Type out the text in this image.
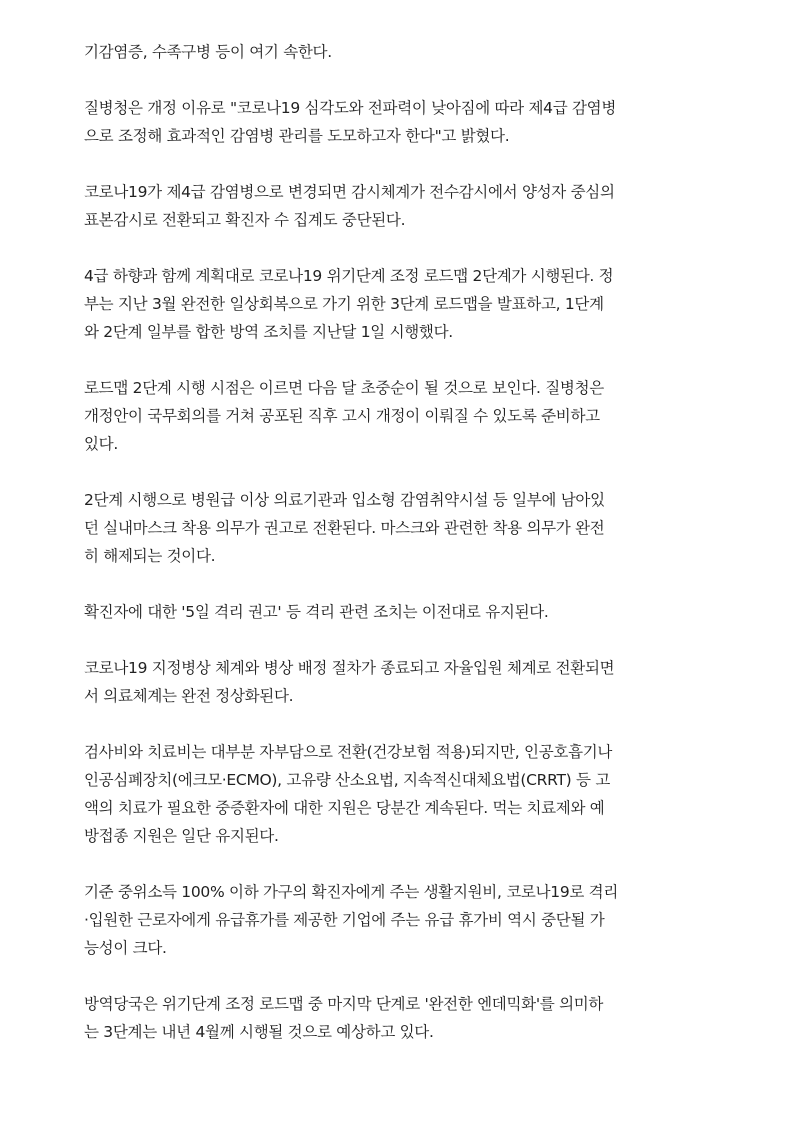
기감염증, 수족구병 등이 여기 속한다.

질병청은 개정 이유로 "코로나19 심각도와 전파력이 낮아짐에 따라 제4급 감염병
으로 조정해 효과적인 감염병 관리를 도모하고자 한다"고 밝혔다.

코로나19가 제4급 감염병으로 변경되면 감시체계가 전수감시에서 양성자 중심의
표본감시로 전환되고 확진자 수 집계도 중단된다.

4급 하향과 함께 계획대로 코로나19 위기단계 조정 로드맵 2단계가 시행된다. 정
부는 지난 3월 완전한 일상회복으로 가기 위한 3단계 로드맵을 발표하고, 1단계
와 2단계 일부를 합한 방역 조치를 지난달 1일 시행했다.

로드맵 2단계 시행 시점은 이르면 다음 달 초중순이 될 것으로 보인다. 질병청은
개정안이 국무회의를 거쳐 공포된 직후 고시 개정이 이뤄질 수 있도록 준비하고
있다.

2단계 시행으로 병원급 이상 의료기관과 입소형 감염취약시설 등 일부에 남아있
던 실내마스크 착용 의무가 권고로 전환된다. 마스크와 관련한 착용 의무가 완전
히 해제되는 것이다.

확진자에 대한 '5일 격리 권고' 등 격리 관련 조치는 이전대로 유지된다.

코로나19 지정병상 체계와 병상 배정 절차가 종료되고 자율입원 체계로 전환되면
서 의료체계는 완전 정상화된다.

검사비와 치료비는 대부분 자부담으로 전환(건강보험 적용)되지만, 인공호흡기나
인공심폐장치(에크모·ECMO), 고유량 산소요법, 지속적신대체요법(CRRT) 등 고
액의 치료가 필요한 중증환자에 대한 지원은 당분간 계속된다. 먹는 치료제와 예
방접종 지원은 일단 유지된다.

기준 중위소득 100% 이하 가구의 확진자에게 주는 생활지원비, 코로나19로 격리
·입원한 근로자에게 유급휴가를 제공한 기업에 주는 유급 휴가비 역시 중단될 가
능성이 크다.

방역당국은 위기단계 조정 로드맵 중 마지막 단계로 '완전한 엔데믹화'를 의미하
는 3단계는 내년 4월께 시행될 것으로 예상하고 있다.
